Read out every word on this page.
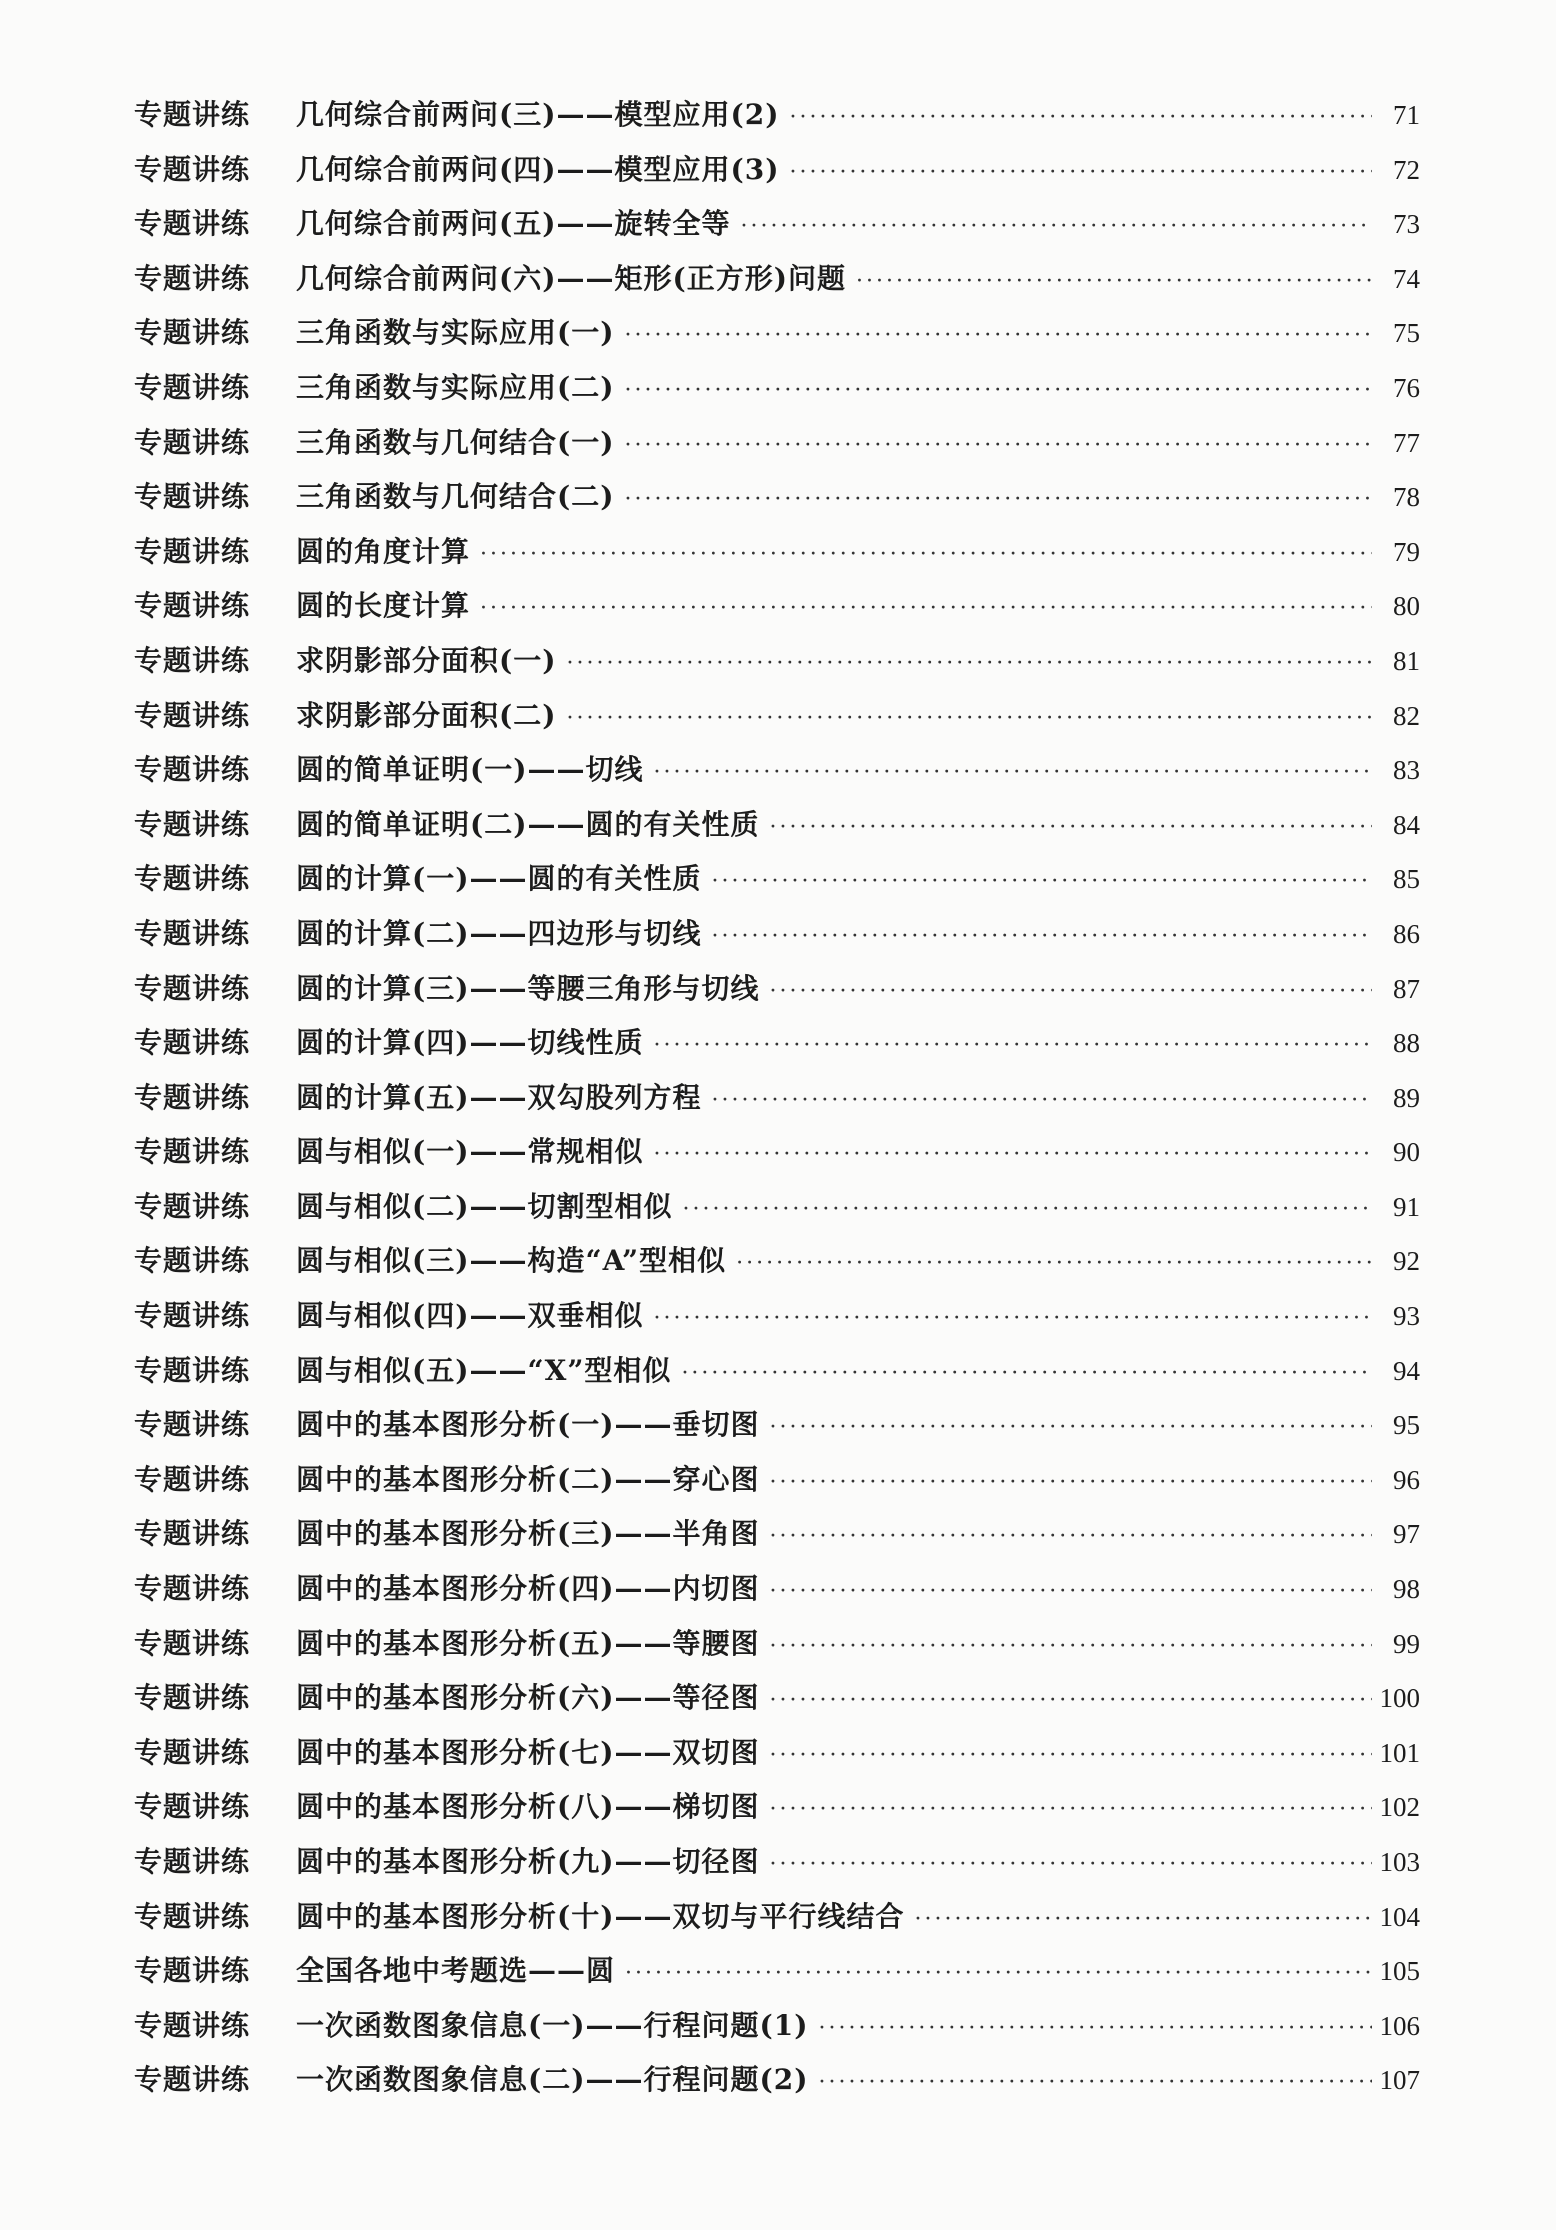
专题讲练	几何综合前两问(三)——模型应用(2) ·····	71
专题讲练	几何综合前两问(四)——模型应用(3) ·····	72
专题讲练	几何综合前两问(五)——旋转全等 ·····	73
专题讲练	几何综合前两问(六)——矩形(正方形)问题 ·····	74
专题讲练	三角函数与实际应用(一) ·····	75
专题讲练	三角函数与实际应用(二) ·····	76
专题讲练	三角函数与几何结合(一) ·····	77
专题讲练	三角函数与几何结合(二) ·····	78
专题讲练	圆的角度计算 ·····	79
专题讲练	圆的长度计算 ·····	80
专题讲练	求阴影部分面积(一) ·····	81
专题讲练	求阴影部分面积(二) ·····	82
专题讲练	圆的简单证明(一)——切线 ·····	83
专题讲练	圆的简单证明(二)——圆的有关性质 ·····	84
专题讲练	圆的计算(一)——圆的有关性质 ·····	85
专题讲练	圆的计算(二)——四边形与切线 ·····	86
专题讲练	圆的计算(三)——等腰三角形与切线 ·····	87
专题讲练	圆的计算(四)——切线性质 ·····	88
专题讲练	圆的计算(五)——双勾股列方程 ·····	89
专题讲练	圆与相似(一)——常规相似 ·····	90
专题讲练	圆与相似(二)——切割型相似 ·····	91
专题讲练	圆与相似(三)——构造“A”型相似 ·····	92
专题讲练	圆与相似(四)——双垂相似 ·····	93
专题讲练	圆与相似(五)——“X”型相似 ·····	94
专题讲练	圆中的基本图形分析(一)——垂切图 ·····	95
专题讲练	圆中的基本图形分析(二)——穿心图 ·····	96
专题讲练	圆中的基本图形分析(三)——半角图 ·····	97
专题讲练	圆中的基本图形分析(四)——内切图 ·····	98
专题讲练	圆中的基本图形分析(五)——等腰图 ·····	99
专题讲练	圆中的基本图形分析(六)——等径图 ·····	100
专题讲练	圆中的基本图形分析(七)——双切图 ·····	101
专题讲练	圆中的基本图形分析(八)——梯切图 ·····	102
专题讲练	圆中的基本图形分析(九)——切径图 ·····	103
专题讲练	圆中的基本图形分析(十)——双切与平行线结合 ·····	104
专题讲练	全国各地中考题选——圆 ·····	105
专题讲练	一次函数图象信息(一)——行程问题(1) ·····	106
专题讲练	一次函数图象信息(二)——行程问题(2) ·····	107
